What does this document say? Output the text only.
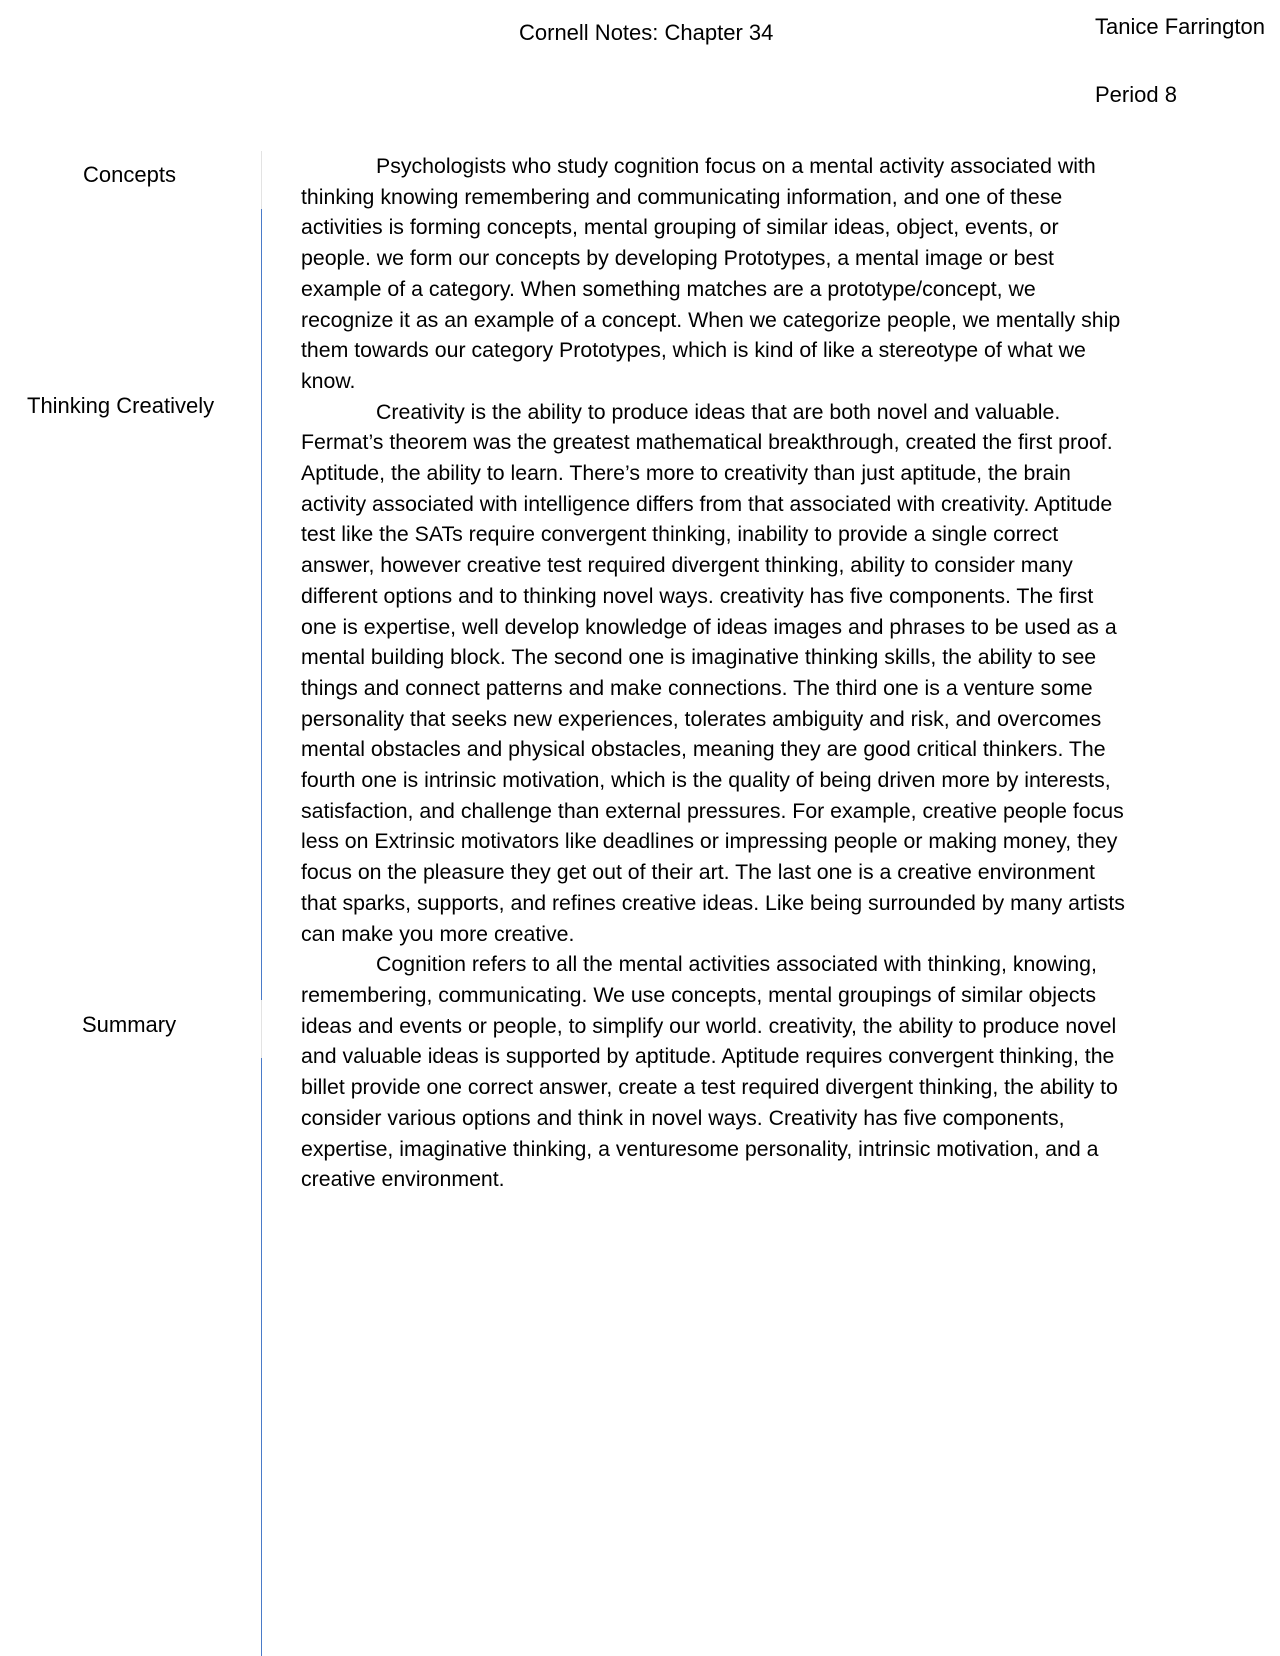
Cornell Notes: Chapter 34	Tanice Farrington
Period 8
Concepts
Thinking Creatively
Summary

Psychologists who study cognition focus on a mental activity associated with thinking knowing remembering and communicating information, and one of these activities is forming concepts, mental grouping of similar ideas, object, events, or people. we form our concepts by developing Prototypes, a mental image or best example of a category. When something matches are a prototype/concept, we recognize it as an example of a concept. When we categorize people, we mentally ship them towards our category Prototypes, which is kind of like a stereotype of what we know.

Creativity is the ability to produce ideas that are both novel and valuable. Fermat’s theorem was the greatest mathematical breakthrough, created the first proof. Aptitude, the ability to learn. There’s more to creativity than just aptitude, the brain activity associated with intelligence differs from that associated with creativity. Aptitude test like the SATs require convergent thinking, inability to provide a single correct answer, however creative test required divergent thinking, ability to consider many different options and to thinking novel ways. creativity has five components. The first one is expertise, well develop knowledge of ideas images and phrases to be used as a mental building block. The second one is imaginative thinking skills, the ability to see things and connect patterns and make connections. The third one is a venture some personality that seeks new experiences, tolerates ambiguity and risk, and overcomes mental obstacles and physical obstacles, meaning they are good critical thinkers. The fourth one is intrinsic motivation, which is the quality of being driven more by interests, satisfaction, and challenge than external pressures. For example, creative people focus less on Extrinsic motivators like deadlines or impressing people or making money, they focus on the pleasure they get out of their art. The last one is a creative environment that sparks, supports, and refines creative ideas. Like being surrounded by many artists can make you more creative.

Cognition refers to all the mental activities associated with thinking, knowing, remembering, communicating. We use concepts, mental groupings of similar objects ideas and events or people, to simplify our world. creativity, the ability to produce novel and valuable ideas is supported by aptitude. Aptitude requires convergent thinking, the billet provide one correct answer, create a test required divergent thinking, the ability to consider various options and think in novel ways. Creativity has five components, expertise, imaginative thinking, a venturesome personality, intrinsic motivation, and a creative environment.
